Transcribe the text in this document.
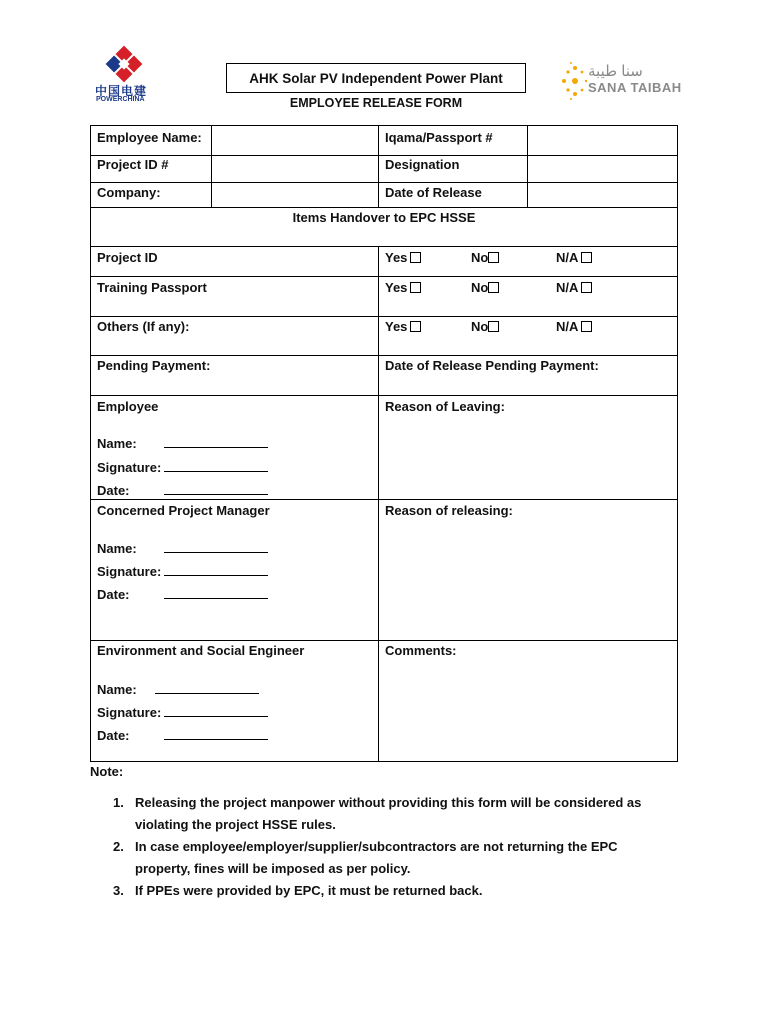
中国电建
POWERCHINA
سنا طيبة
SANA TAIBAH
AHK Solar PV Independent Power Plant
EMPLOYEE RELEASE FORM
Employee Name:	Iqama/Passport #
Project ID #	Designation
Company:	Date of Release
Items Handover to EPC HSSE
Project ID	Yes	No	N/A
Training Passport	Yes	No	N/A
Others (If any):	Yes	No	N/A
Pending Payment:	Date of Release Pending Payment:
Employee
Name:
Signature:
Date:
Reason of Leaving:
Concerned Project Manager
Name:
Signature:
Date:
Reason of releasing:
Environment and Social Engineer
Name:
Signature:
Date:
Comments:
Note:
1. Releasing the project manpower without providing this form will be considered as
violating the project HSSE rules.
2. In case employee/employer/supplier/subcontractors are not returning the EPC
property, fines will be imposed as per policy.
3. If PPEs were provided by EPC, it must be returned back.
